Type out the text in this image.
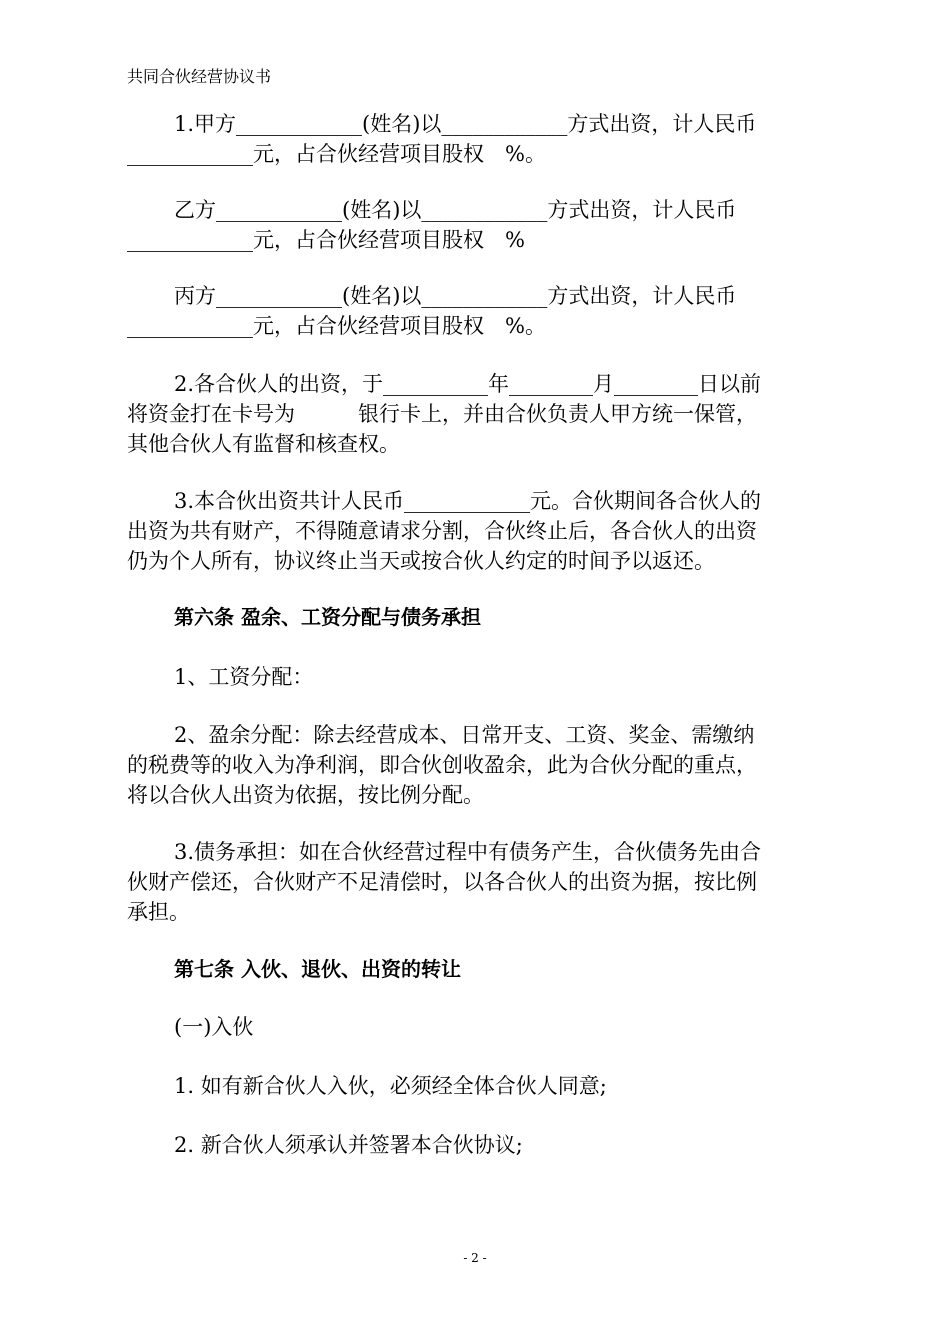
共同合伙经营协议书
1.甲方____________(姓名)以____________方式出资，计人民币
____________元，占合伙经营项目股权　%。
乙方____________(姓名)以____________方式出资，计人民币
____________元，占合伙经营项目股权　%
丙方____________(姓名)以____________方式出资，计人民币
____________元，占合伙经营项目股权　%。
2.各合伙人的出资，于__________年________月________日以前
将资金打在卡号为　　　银行卡上，并由合伙负责人甲方统一保管，
其他合伙人有监督和核查权。
3.本合伙出资共计人民币____________元。合伙期间各合伙人的
出资为共有财产，不得随意请求分割，合伙终止后，各合伙人的出资
仍为个人所有，协议终止当天或按合伙人约定的时间予以返还。
第六条 盈余、工资分配与债务承担
1、工资分配：
2、盈余分配：除去经营成本、日常开支、工资、奖金、需缴纳
的税费等的收入为净利润，即合伙创收盈余，此为合伙分配的重点，
将以合伙人出资为依据，按比例分配。
3.债务承担：如在合伙经营过程中有债务产生，合伙债务先由合
伙财产偿还，合伙财产不足清偿时，以各合伙人的出资为据，按比例
承担。
第七条 入伙、退伙、出资的转让
(一)入伙
1. 如有新合伙人入伙，必须经全体合伙人同意;
2. 新合伙人须承认并签署本合伙协议;
- 2 -
